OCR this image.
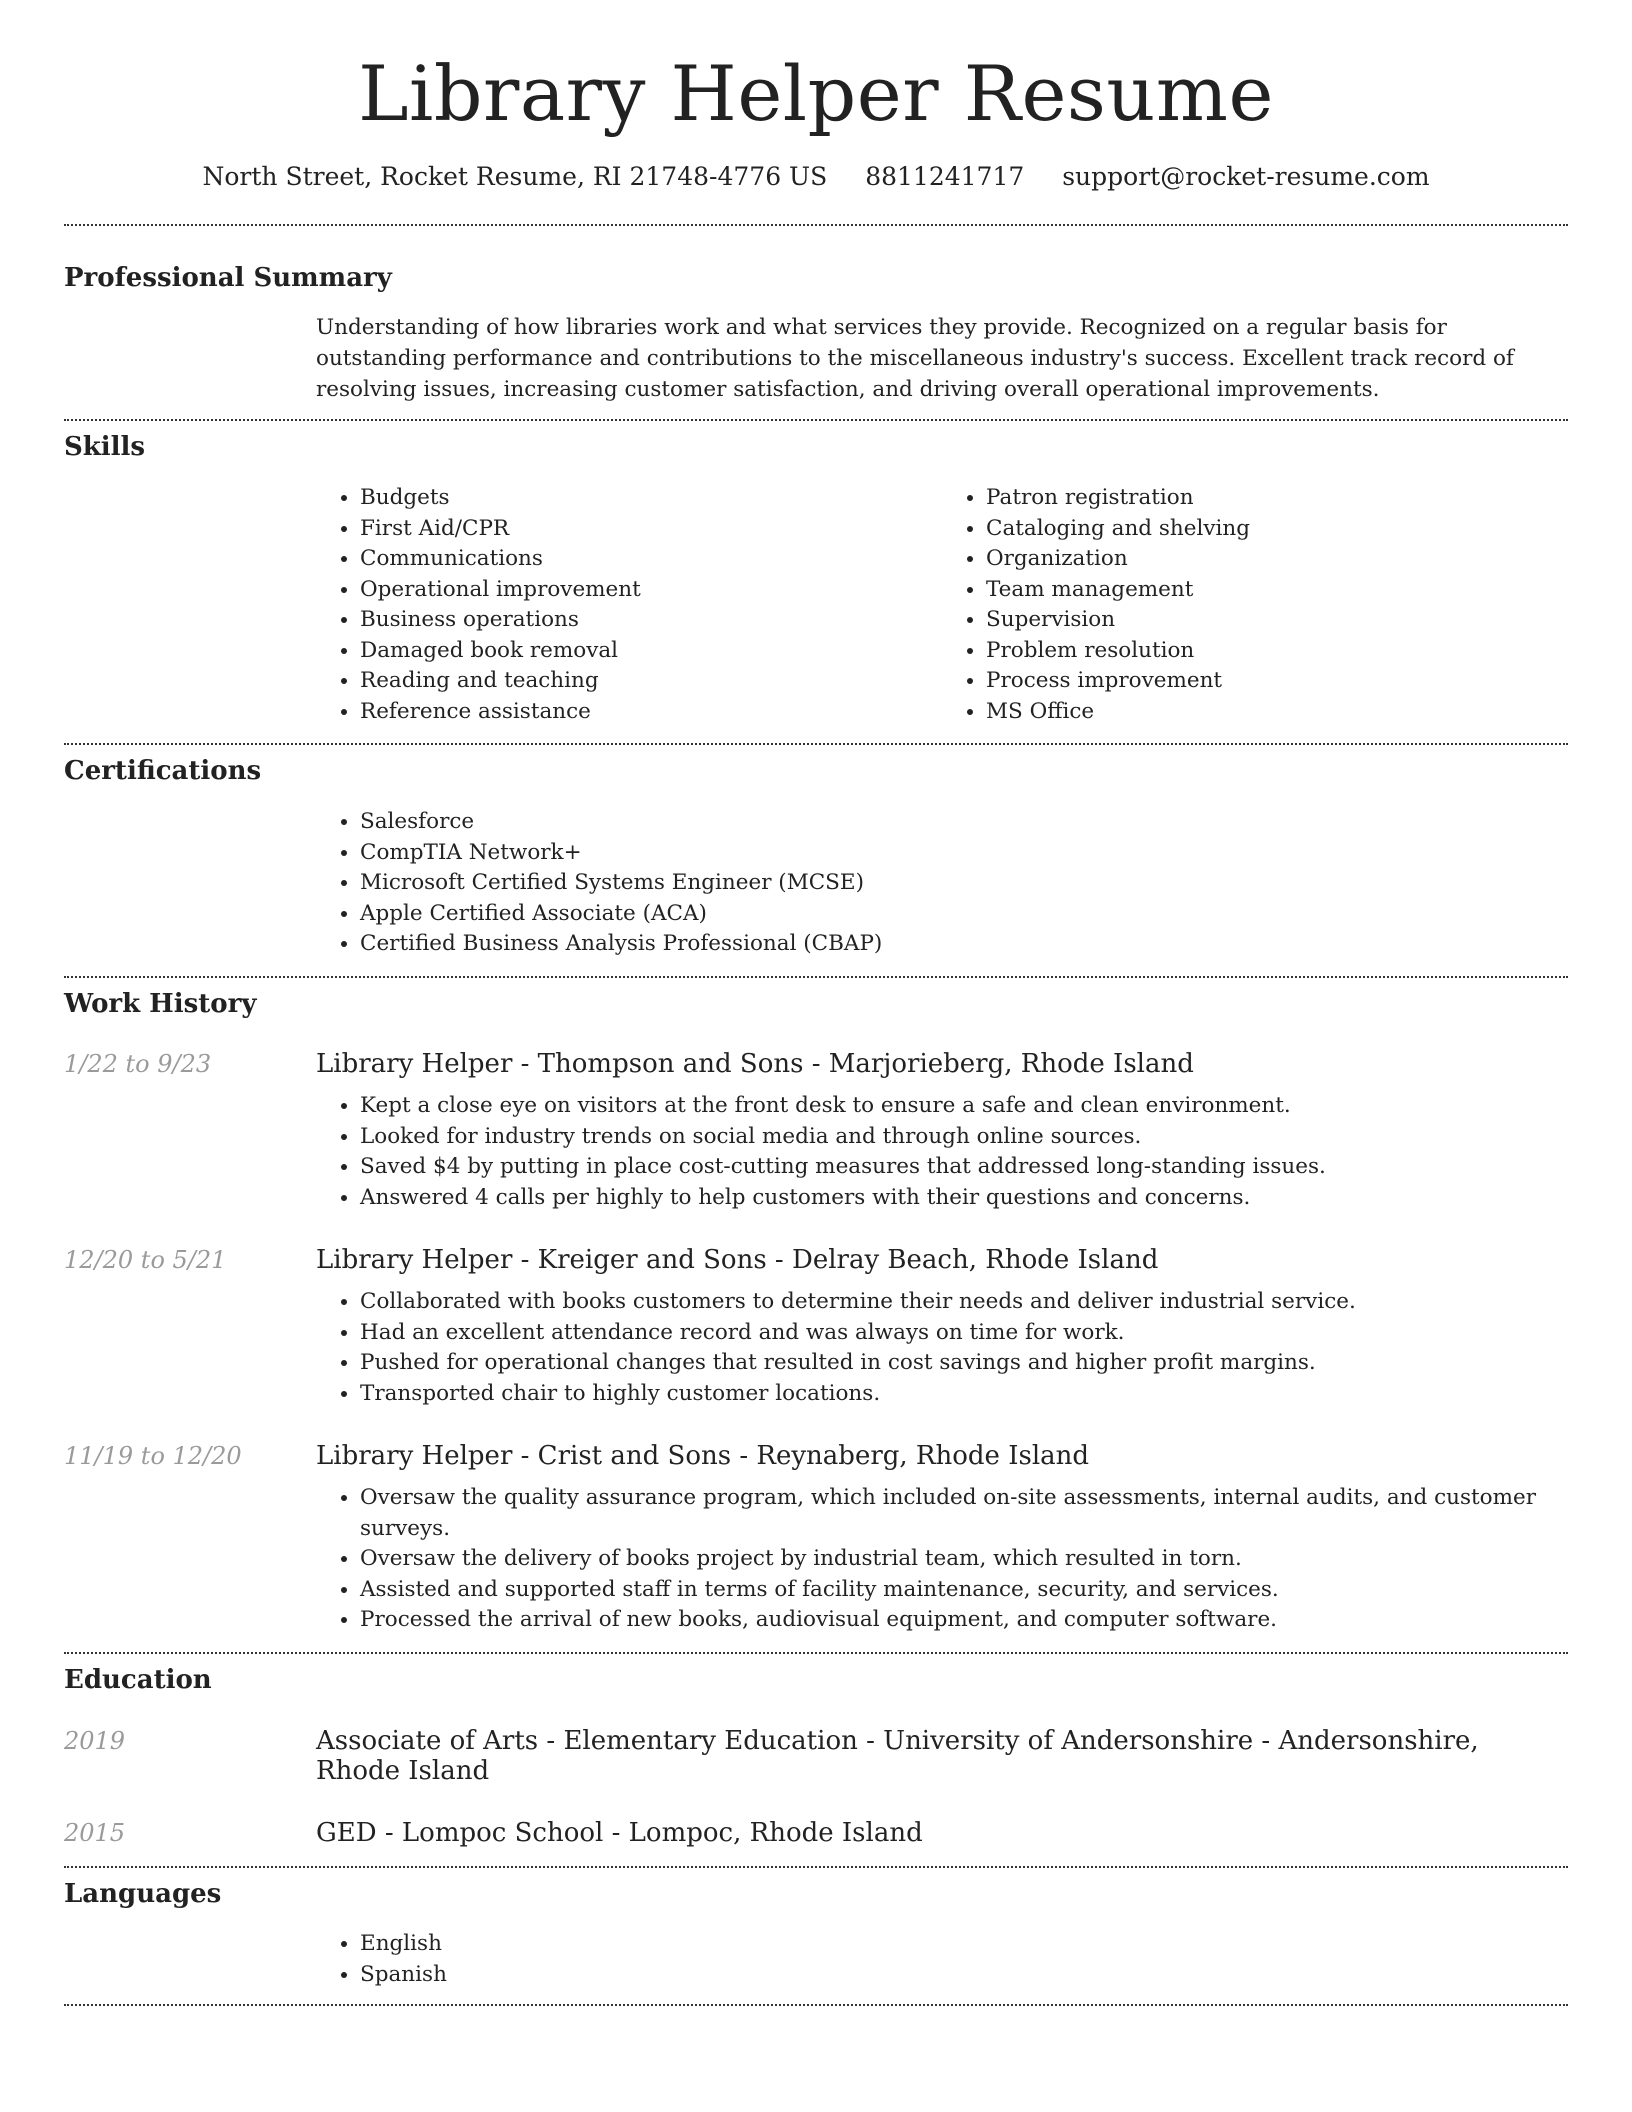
Library Helper Resume
North Street, Rocket Resume, RI 21748-4776 US 8811241717 support@rocket-resume.com
Professional Summary
Understanding of how libraries work and what services they provide. Recognized on a regular basis for outstanding performance and contributions to the miscellaneous industry's success. Excellent track record of resolving issues, increasing customer satisfaction, and driving overall operational improvements.
Skills
• Budgets
• First Aid/CPR
• Communications
• Operational improvement
• Business operations
• Damaged book removal
• Reading and teaching
• Reference assistance
• Patron registration
• Cataloging and shelving
• Organization
• Team management
• Supervision
• Problem resolution
• Process improvement
• MS Office
Certifications
• Salesforce
• CompTIA Network+
• Microsoft Certified Systems Engineer (MCSE)
• Apple Certified Associate (ACA)
• Certified Business Analysis Professional (CBAP)
Work History
1/22 to 9/23	Library Helper - Thompson and Sons - Marjorieberg, Rhode Island
• Kept a close eye on visitors at the front desk to ensure a safe and clean environment.
• Looked for industry trends on social media and through online sources.
• Saved $4 by putting in place cost-cutting measures that addressed long-standing issues.
• Answered 4 calls per highly to help customers with their questions and concerns.
12/20 to 5/21	Library Helper - Kreiger and Sons - Delray Beach, Rhode Island
• Collaborated with books customers to determine their needs and deliver industrial service.
• Had an excellent attendance record and was always on time for work.
• Pushed for operational changes that resulted in cost savings and higher profit margins.
• Transported chair to highly customer locations.
11/19 to 12/20	Library Helper - Crist and Sons - Reynaberg, Rhode Island
• Oversaw the quality assurance program, which included on-site assessments, internal audits, and customer surveys.
• Oversaw the delivery of books project by industrial team, which resulted in torn.
• Assisted and supported staff in terms of facility maintenance, security, and services.
• Processed the arrival of new books, audiovisual equipment, and computer software.
Education
2019	Associate of Arts - Elementary Education - University of Andersonshire - Andersonshire, Rhode Island
2015	GED - Lompoc School - Lompoc, Rhode Island
Languages
• English
• Spanish
